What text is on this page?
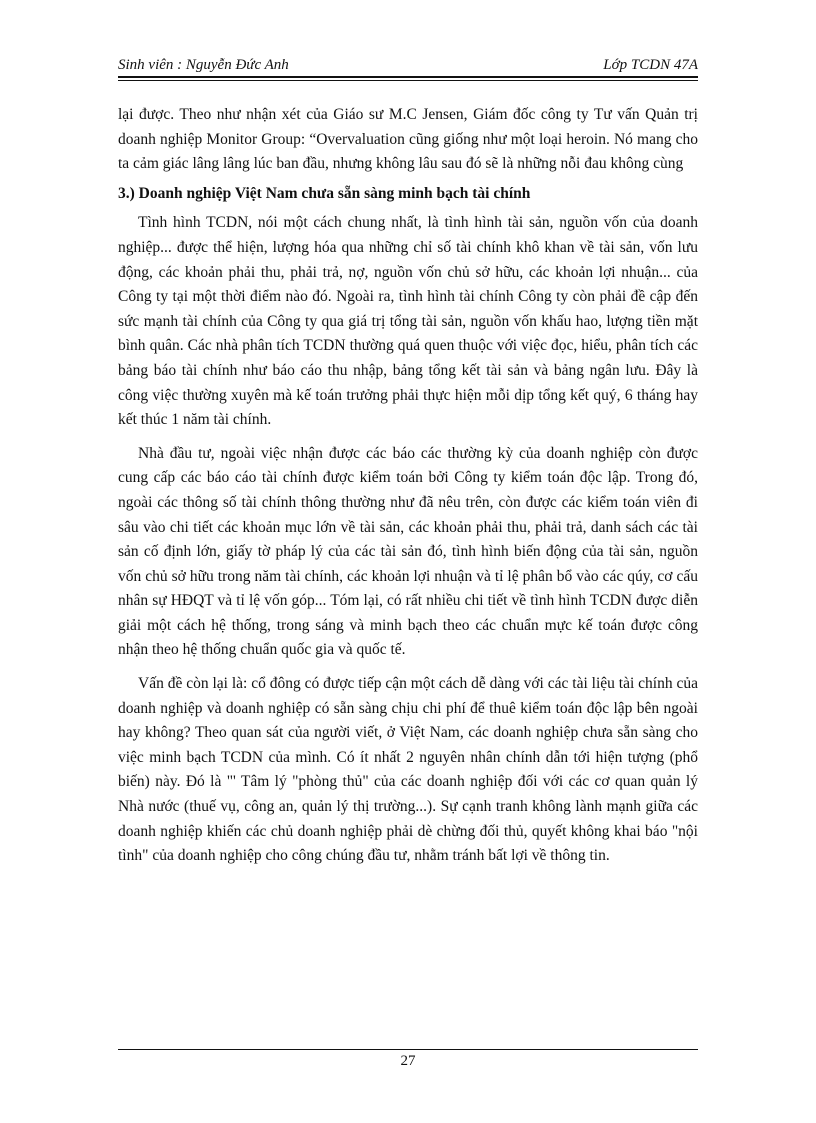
Sinh viên : Nguyễn Đức Anh	Lớp TCDN 47A

lại được. Theo như nhận xét của Giáo sư M.C Jensen, Giám đốc công ty Tư vấn Quản trị doanh nghiệp Monitor Group: “Overvaluation cũng giống như một loại heroin. Nó mang cho ta cảm giác lâng lâng lúc ban đầu, nhưng không lâu sau đó sẽ là những nỗi đau không cùng

3.) Doanh nghiệp Việt Nam chưa sẵn sàng minh bạch tài chính

Tình hình TCDN, nói một cách chung nhất, là tình hình tài sản, nguồn vốn của doanh nghiệp... được thể hiện, lượng hóa qua những chỉ số tài chính khô khan về tài sản, vốn lưu động, các khoản phải thu, phải trả, nợ, nguồn vốn chủ sở hữu, các khoản lợi nhuận... của Công ty tại một thời điểm nào đó. Ngoài ra, tình hình tài chính Công ty còn phải đề cập đến sức mạnh tài chính của Công ty qua giá trị tổng tài sản, nguồn vốn khấu hao, lượng tiền mặt bình quân. Các nhà phân tích TCDN thường quá quen thuộc với việc đọc, hiểu, phân tích các bảng báo tài chính như báo cáo thu nhập, bảng tổng kết tài sản và bảng ngân lưu. Đây là công việc thường xuyên mà kế toán trưởng phải thực hiện mỗi dịp tổng kết quý, 6 tháng hay kết thúc 1 năm tài chính.

Nhà đầu tư, ngoài việc nhận được các báo các thường kỳ của doanh nghiệp còn được cung cấp các báo cáo tài chính được kiểm toán bởi Công ty kiểm toán độc lập. Trong đó, ngoài các thông số tài chính thông thường như đã nêu trên, còn được các kiểm toán viên đi sâu vào chi tiết các khoản mục lớn về tài sản, các khoản phải thu, phải trả, danh sách các tài sản cố định lớn, giấy tờ pháp lý của các tài sản đó, tình hình biến động của tài sản, nguồn vốn chủ sở hữu trong năm tài chính, các khoản lợi nhuận và tỉ lệ phân bổ vào các qúy, cơ cấu nhân sự HĐQT và tỉ lệ vốn góp... Tóm lại, có rất nhiều chi tiết về tình hình TCDN được diễn giải một cách hệ thống, trong sáng và minh bạch theo các chuẩn mực kế toán được công nhận theo hệ thống chuẩn quốc gia và quốc tế.

Vấn đề còn lại là: cổ đông có được tiếp cận một cách dễ dàng với các tài liệu tài chính của doanh nghiệp và doanh nghiệp có sẵn sàng chịu chi phí để thuê kiểm toán độc lập bên ngoài hay không? Theo quan sát của người viết, ở Việt Nam, các doanh nghiệp chưa sẵn sàng cho việc minh bạch TCDN của mình. Có ít nhất 2 nguyên nhân chính dẫn tới hiện tượng (phổ biến) này. Đó là "' Tâm lý "phòng thủ" của các doanh nghiệp đối với các cơ quan quản lý Nhà nước (thuế vụ, công an, quản lý thị trường...). Sự cạnh tranh không lành mạnh giữa các doanh nghiệp khiến các chủ doanh nghiệp phải dè chừng đối thủ, quyết không khai báo "nội tình" của doanh nghiệp cho công chúng đầu tư, nhằm tránh bất lợi về thông tin.

27
